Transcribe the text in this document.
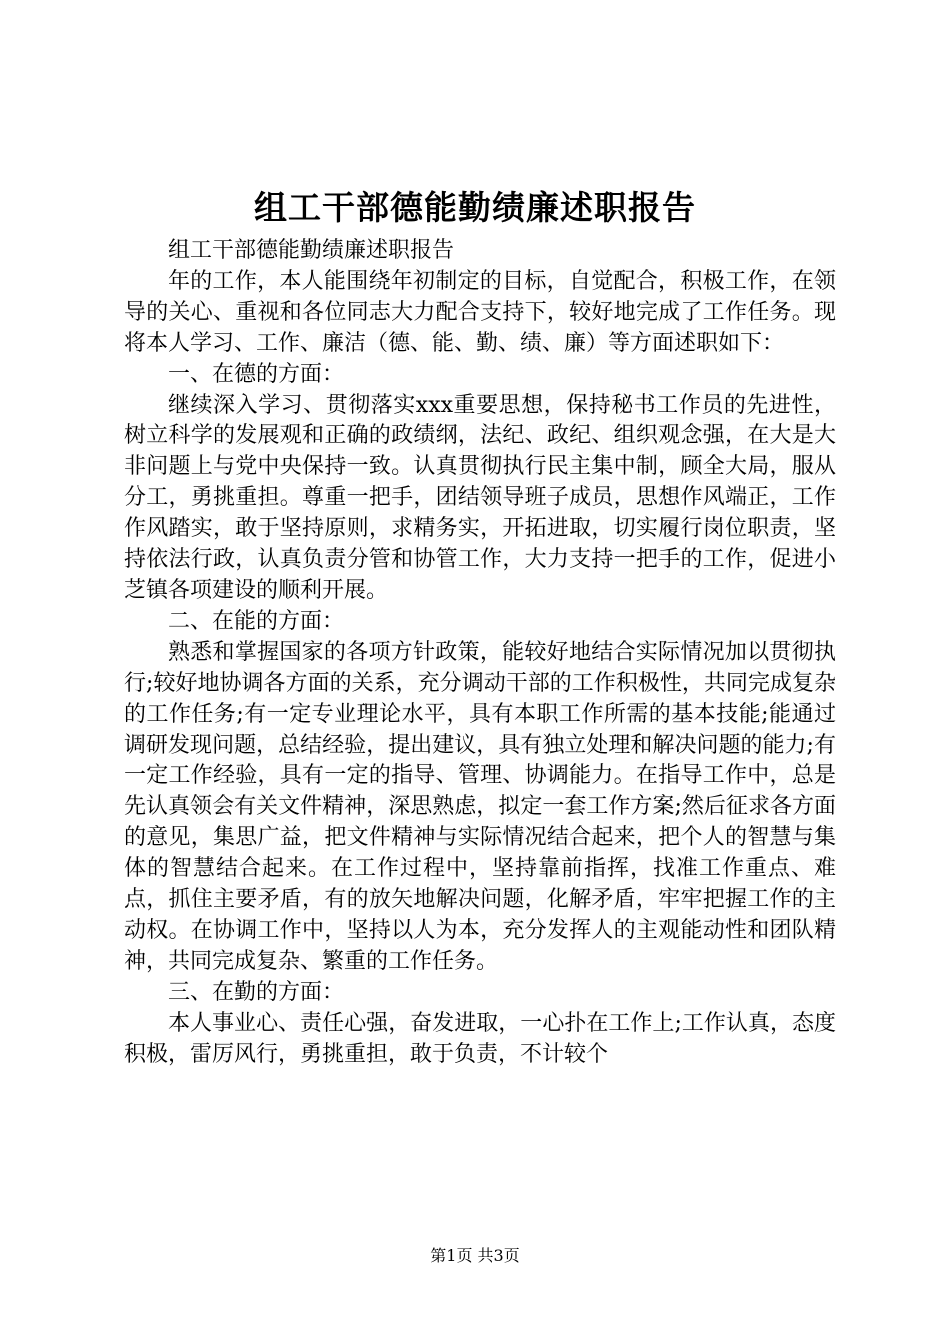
组工干部德能勤绩廉述职报告

组工干部德能勤绩廉述职报告

年的工作，本人能围绕年初制定的目标，自觉配合，积极工作，在领导的关心、重视和各位同志大力配合支持下，较好地完成了工作任务。现将本人学习、工作、廉洁（德、能、勤、绩、廉）等方面述职如下：

一、在德的方面：

继续深入学习、贯彻落实xxx重要思想，保持秘书工作员的先进性，树立科学的发展观和正确的政绩纲，法纪、政纪、组织观念强，在大是大非问题上与党中央保持一致。认真贯彻执行民主集中制，顾全大局，服从分工，勇挑重担。尊重一把手，团结领导班子成员，思想作风端正，工作作风踏实，敢于坚持原则，求精务实，开拓进取，切实履行岗位职责，坚持依法行政，认真负责分管和协管工作，大力支持一把手的工作，促进小芝镇各项建设的顺利开展。

二、在能的方面：

熟悉和掌握国家的各项方针政策，能较好地结合实际情况加以贯彻执行;较好地协调各方面的关系，充分调动干部的工作积极性，共同完成复杂的工作任务;有一定专业理论水平，具有本职工作所需的基本技能;能通过调研发现问题，总结经验，提出建议，具有独立处理和解决问题的能力;有一定工作经验，具有一定的指导、管理、协调能力。在指导工作中，总是先认真领会有关文件精神，深思熟虑，拟定一套工作方案;然后征求各方面的意见，集思广益，把文件精神与实际情况结合起来，把个人的智慧与集体的智慧结合起来。在工作过程中，坚持靠前指挥，找准工作重点、难点，抓住主要矛盾，有的放矢地解决问题，化解矛盾，牢牢把握工作的主动权。在协调工作中，坚持以人为本，充分发挥人的主观能动性和团队精神，共同完成复杂、繁重的工作任务。

三、在勤的方面：

本人事业心、责任心强，奋发进取，一心扑在工作上;工作认真，态度积极，雷厉风行，勇挑重担，敢于负责，不计较个

第1页 共3页
